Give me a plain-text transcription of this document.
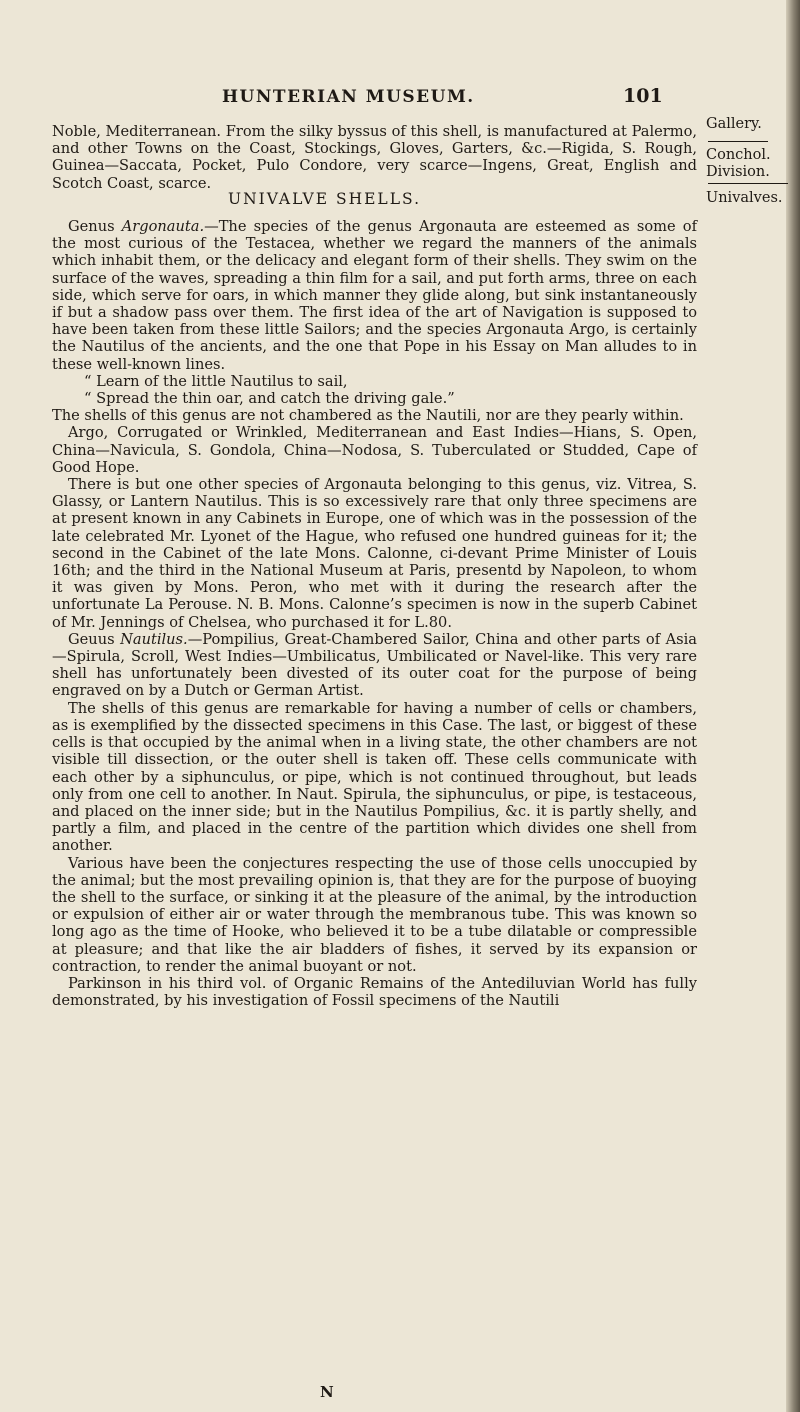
HUNTERIAN MUSEUM.	101

Gallery.

Conchol.

Division.

Univalves.

Noble, Mediterranean. From the silky byssus of this shell, is manufactured at Palermo, and other Towns on the Coast, Stockings, Gloves, Garters, &c.—Rigida, S. Rough, Guinea—Saccata, Pocket, Pulo Condore, very scarce—Ingens, Great, English and Scotch Coast, scarce.

UNIVALVE SHELLS.

Genus Argonauta.—The species of the genus Argonauta are esteemed as some of the most curious of the Testacea, whether we regard the manners of the animals which inhabit them, or the delicacy and elegant form of their shells. They swim on the surface of the waves, spreading a thin film for a sail, and put forth arms, three on each side, which serve for oars, in which manner they glide along, but sink instantaneously if but a shadow pass over them. The first idea of the art of Navigation is supposed to have been taken from these little Sailors; and the species Argonauta Argo, is certainly the Nautilus of the ancients, and the one that Pope in his Essay on Man alludes to in these well-known lines.

“ Learn of the little Nautilus to sail,

“ Spread the thin oar, and catch the driving gale.”

The shells of this genus are not chambered as the Nautili, nor are they pearly within.

Argo, Corrugated or Wrinkled, Mediterranean and East Indies—Hians, S. Open, China—Navicula, S. Gondola, China—Nodosa, S. Tuberculated or Studded, Cape of Good Hope.

There is but one other species of Argonauta belonging to this genus, viz. Vitrea, S. Glassy, or Lantern Nautilus. This is so excessively rare that only three specimens are at present known in any Cabinets in Europe, one of which was in the possession of the late celebrated Mr. Lyonet of the Hague, who refused one hundred guineas for it; the second in the Cabinet of the late Mons. Calonne, ci-devant Prime Minister of Louis 16th; and the third in the National Museum at Paris, presentd by Napoleon, to whom it was given by Mons. Peron, who met with it during the research after the unfortunate La Perouse. N. B. Mons. Calonne’s specimen is now in the superb Cabinet of Mr. Jennings of Chelsea, who purchased it for L.80.

Geuus Nautilus.—Pompilius, Great-Chambered Sailor, China and other parts of Asia—Spirula, Scroll, West Indies—Umbilicatus, Umbilicated or Navel-like. This very rare shell has unfortunately been divested of its outer coat for the purpose of being engraved on by a Dutch or German Artist.

The shells of this genus are remarkable for having a number of cells or chambers, as is exemplified by the dissected specimens in this Case. The last, or biggest of these cells is that occupied by the animal when in a living state, the other chambers are not visible till dissection, or the outer shell is taken off. These cells communicate with each other by a siphunculus, or pipe, which is not continued throughout, but leads only from one cell to another. In Naut. Spirula, the siphunculus, or pipe, is testaceous, and placed on the inner side; but in the Nautilus Pompilius, &c. it is partly shelly, and partly a film, and placed in the centre of the partition which divides one shell from another.

Various have been the conjectures respecting the use of those cells unoccupied by the animal; but the most prevailing opinion is, that they are for the purpose of buoying the shell to the surface, or sinking it at the pleasure of the animal, by the introduction or expulsion of either air or water through the membranous tube. This was known so long ago as the time of Hooke, who believed it to be a tube dilatable or compressible at pleasure; and that like the air bladders of fishes, it served by its expansion or contraction, to render the animal buoyant or not.

Parkinson in his third vol. of Organic Remains of the Antediluvian World has fully demonstrated, by his investigation of Fossil specimens of the Nautili

N
